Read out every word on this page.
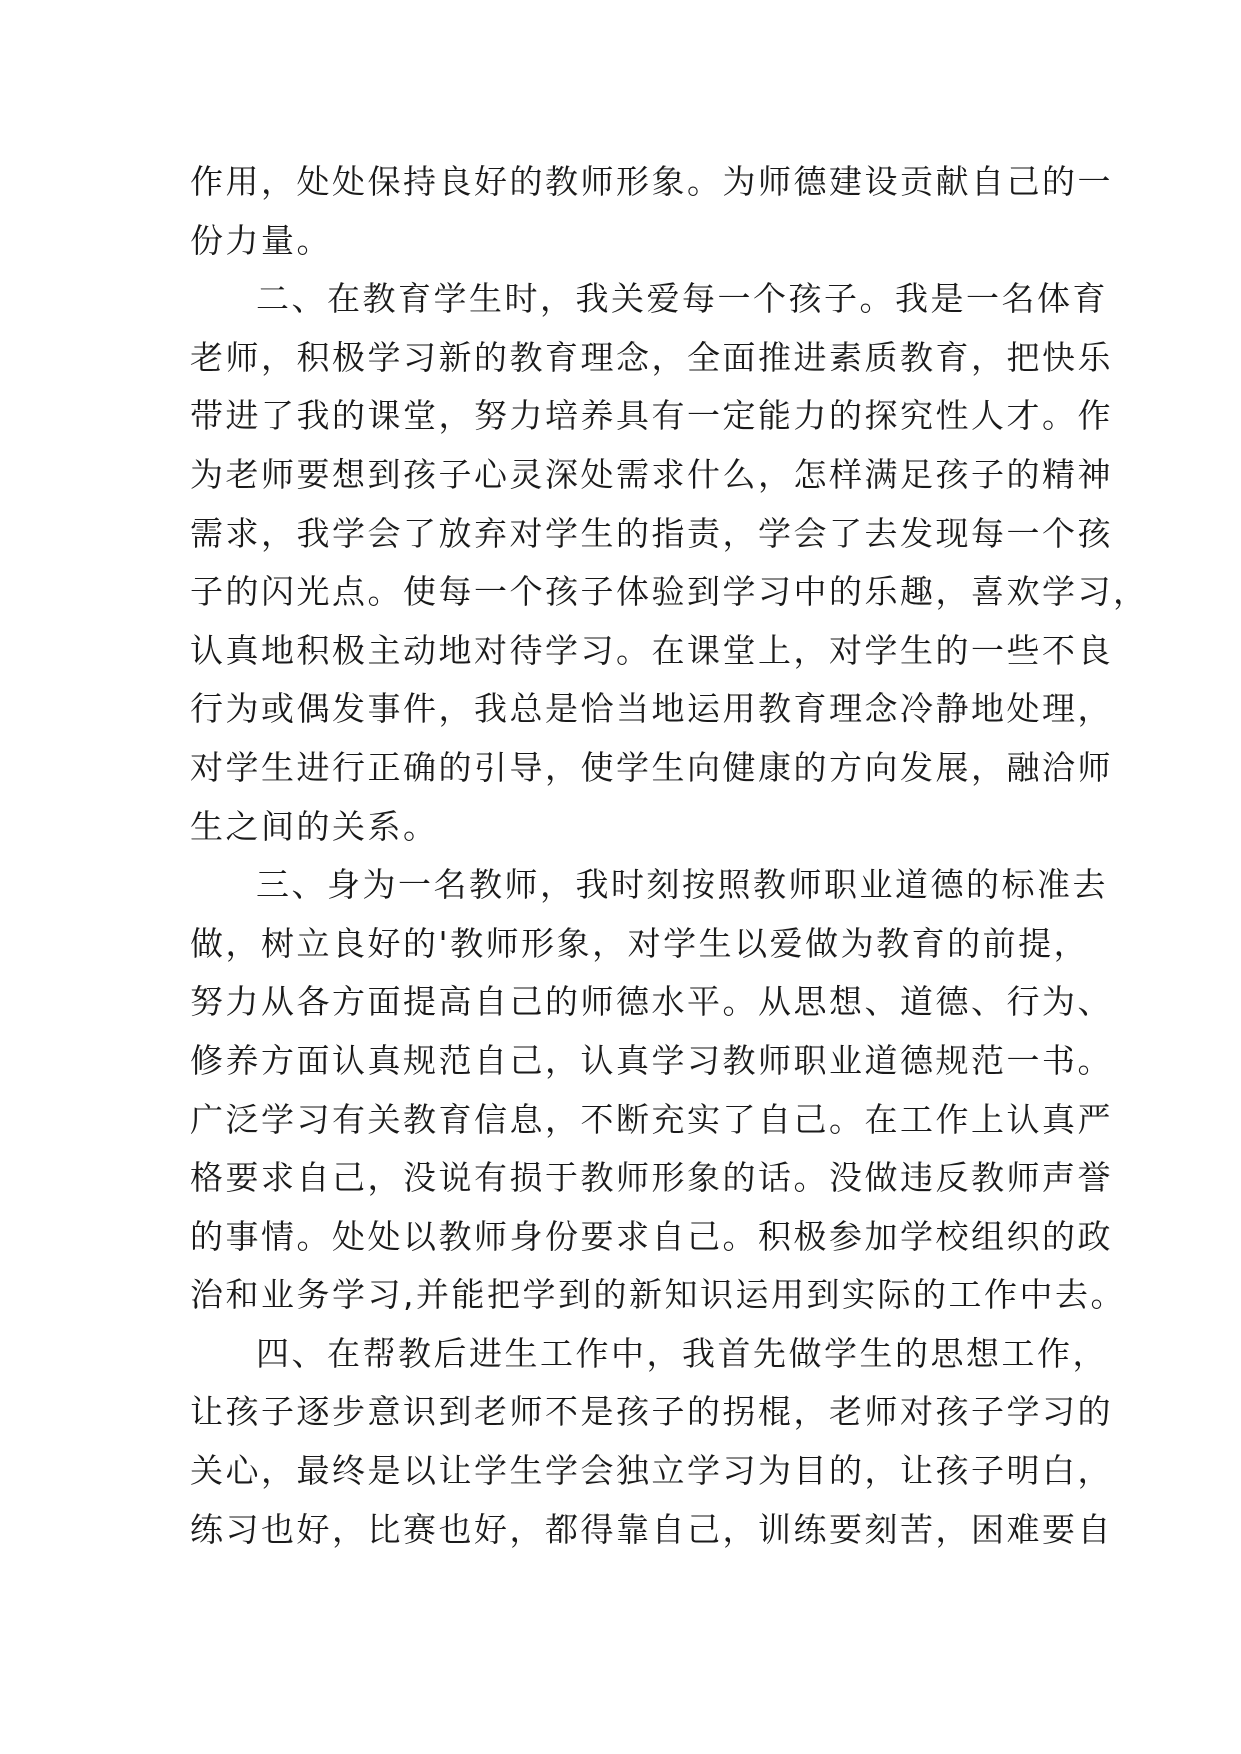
作用，处处保持良好的教师形象。为师德建设贡献自己的一
份力量。
二、在教育学生时，我关爱每一个孩子。我是一名体育
老师，积极学习新的教育理念，全面推进素质教育，把快乐
带进了我的课堂，努力培养具有一定能力的探究性人才。作
为老师要想到孩子心灵深处需求什么，怎样满足孩子的精神
需求，我学会了放弃对学生的指责，学会了去发现每一个孩
子的闪光点。使每一个孩子体验到学习中的乐趣，喜欢学习，
认真地积极主动地对待学习。在课堂上，对学生的一些不良
行为或偶发事件，我总是恰当地运用教育理念冷静地处理，
对学生进行正确的引导，使学生向健康的方向发展，融洽师
生之间的关系。
三、身为一名教师，我时刻按照教师职业道德的标准去
做，树立良好的'教师形象，对学生以爱做为教育的前提，
努力从各方面提高自己的师德水平。从思想、道德、行为、
修养方面认真规范自己，认真学习教师职业道德规范一书。
广泛学习有关教育信息，不断充实了自己。在工作上认真严
格要求自己，没说有损于教师形象的话。没做违反教师声誉
的事情。处处以教师身份要求自己。积极参加学校组织的政
治和业务学习,并能把学到的新知识运用到实际的工作中去。
四、在帮教后进生工作中，我首先做学生的思想工作，
让孩子逐步意识到老师不是孩子的拐棍，老师对孩子学习的
关心，最终是以让学生学会独立学习为目的，让孩子明白，
练习也好，比赛也好，都得靠自己，训练要刻苦，困难要自
